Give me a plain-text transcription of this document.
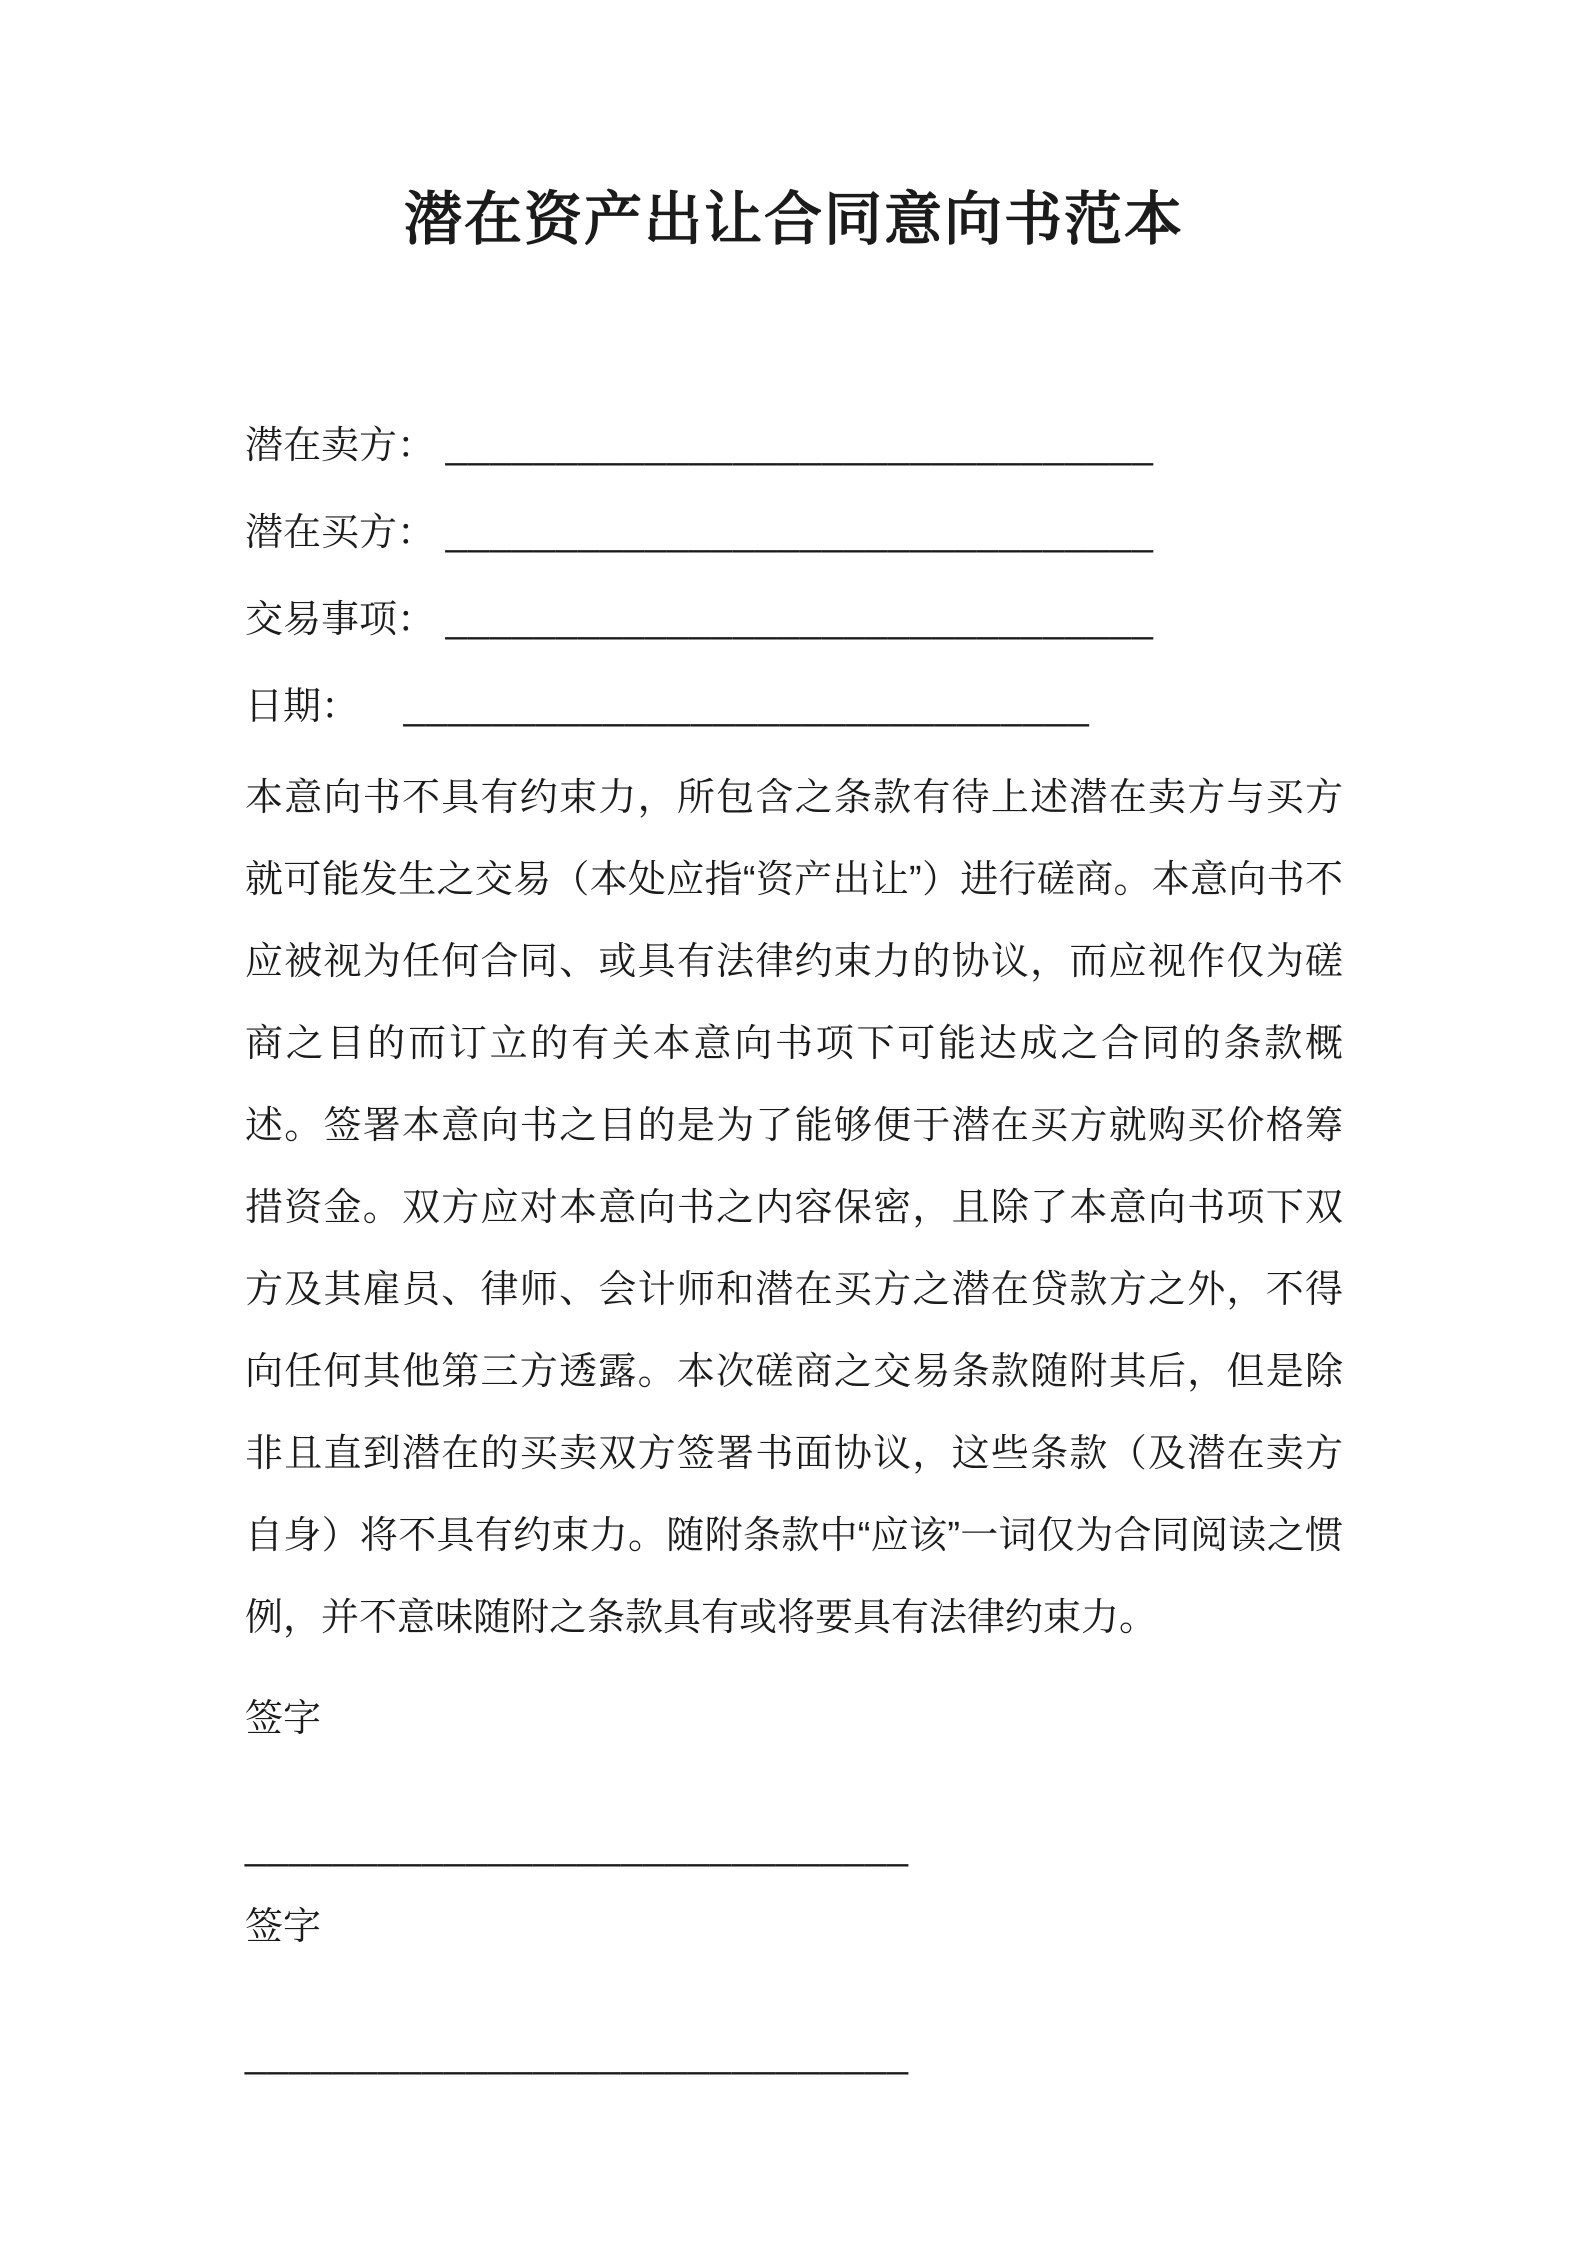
潜在资产出让合同意向书范本
潜在卖方： ________________________________
潜在买方： ________________________________
交易事项： ________________________________
日期： _______________________________

本意向书不具有约束力，所包含之条款有待上述潜在卖方与买方就可能发生之交易（本处应指“资产出让”）进行磋商。本意向书不应被视为任何合同、或具有法律约束力的协议，而应视作仅为磋商之目的而订立的有关本意向书项下可能达成之合同的条款概述。签署本意向书之目的是为了能够便于潜在买方就购买价格筹措资金。双方应对本意向书之内容保密，且除了本意向书项下双方及其雇员、律师、会计师和潜在买方之潜在贷款方之外，不得向任何其他第三方透露。本次磋商之交易条款随附其后，但是除非且直到潜在的买卖双方签署书面协议，这些条款（及潜在卖方自身）将不具有约束力。随附条款中“应该”一词仅为合同阅读之惯例，并不意味随附之条款具有或将要具有法律约束力。

签字
______________________________
签字
______________________________
